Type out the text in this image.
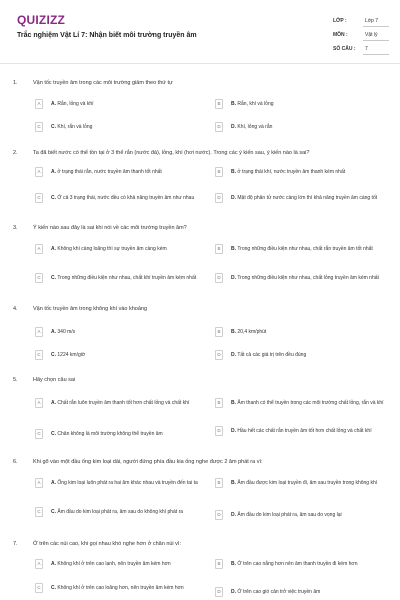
QUIZIZZ
Trắc nghiệm Vật Lí 7: Nhận biết môi trường truyền âm
LỚP :	Lớp 7
MÔN :	Vật lý
SỐ CÂU : 7
1.	Vận tốc truyền âm trong các môi trường giảm theo thứ tự
A	A. Rắn, lỏng và khí	B	B. Rắn, khí và lỏng
C	C. Khí, rắn và lỏng	D	D. Khí, lỏng và rắn
2.	Ta đã biết nước có thể tồn tại ở 3 thể rắn (nước đá), lỏng, khí (hơi nước). Trong các ý kiến sau, ý kiến nào là sai?
A	A. ở trạng thái rắn, nước truyền âm thanh tốt nhất	B	B. ở trạng thái khí, nước truyền âm thanh kém nhất
C	C. Ở cả 3 trạng thái, nước đều có khả năng truyền âm như nhau	D	D. Mật độ phân tử nước càng lớn thì khả năng truyền âm càng tốt
3.	Ý kiến nào sau đây là sai khi nói về các môi trường truyền âm?
A	A. Không khí càng loãng thì sự truyền âm càng kém	B	B. Trong những điều kiện như nhau, chất rắn truyền âm tốt nhất
C	C. Trong những điều kiện như nhau, chất khí truyền âm kém nhất	D	D. Trong những điều kiện như nhau, chất lỏng truyền âm kém nhất
4.	Vận tốc truyền âm trong không khí vào khoảng
A	A. 340 m/s	B	B. 20,4 km/phút
C	C. 1224 km/giờ	D	D. Tất cả các giá trị trên đều đúng
5.	Hãy chọn câu sai
A	A. Chất rắn luôn truyền âm thanh tốt hơn chất lỏng và chất khí	B	B. Âm thanh có thể truyền trong các môi trường chất lỏng, rắn và khí
C	C. Chân không là môi trường không thể truyền âm
D	D. Hầu hết các chất rắn truyền âm tốt hơn chất lỏng và chất khí
6.	Khi gõ vào một đầu ống kim loại dài, người đứng phía đầu kia ống nghe được 2 âm phát ra vì:
A	A. Ống kim loại luôn phát ra hai âm khác nhau và truyền đến tai ta	B	B. Âm đầu được kim loại truyền đi, âm sau truyền trong không khí
C	C. Âm đầu do kim loại phát ra, âm sau do không khí phát ra	D	D. Âm đầu do kim loại phát ra, âm sau do vọng lại
7.	Ở trên các núi cao, khi gọi nhau khó nghe hơn ở chân núi vì:
A	A. Không khí ở trên cao lạnh, nên truyền âm kém hơn	B	B. Ở trên cao nắng hơn nên âm thanh truyền đi kém hơn
C	C. Không khí ở trên cao loãng hơn, nên truyền âm kém hơn
D	D. Ở trên cao gió cản trở việc truyền âm
